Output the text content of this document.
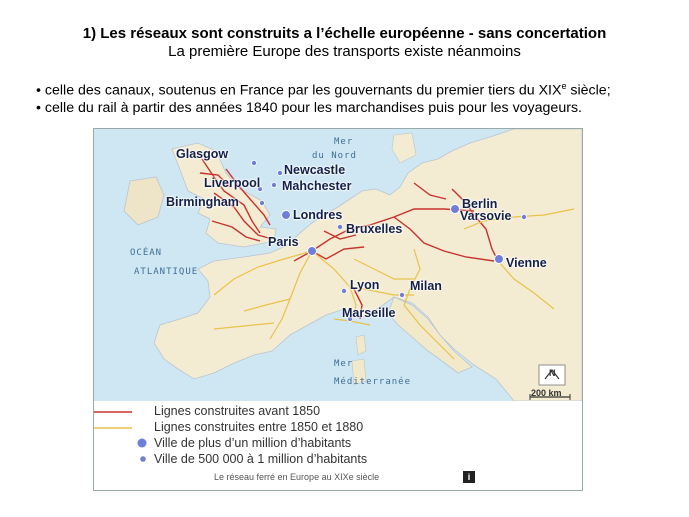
1) Les réseaux sont construits a l’échelle européenne - sans concertation
La première Europe des transports existe néanmoins
• celle des canaux, soutenus en France par les gouvernants du premier tiers du XIXe siècle;
• celle du rail à partir des années 1840 pour les marchandises puis pour les voyageurs.
Mer
du Nord
OCÉAN
ATLANTIQUE
Mer
Méditerranée
Glasgow
Newcastle
Liverpool Mahchester
Birmingham
Londres
Bruxelles
Paris
Berlin
Varsovie
Vienne
Lyon Milan
Marseille
N
200 km
Lignes construites avant 1850
Lignes construites entre 1850 et 1880
Ville de plus d’un million d’habitants
Ville de 500 000 à 1 million d’habitants
Le réseau ferré en Europe au XIXe siècle	i
